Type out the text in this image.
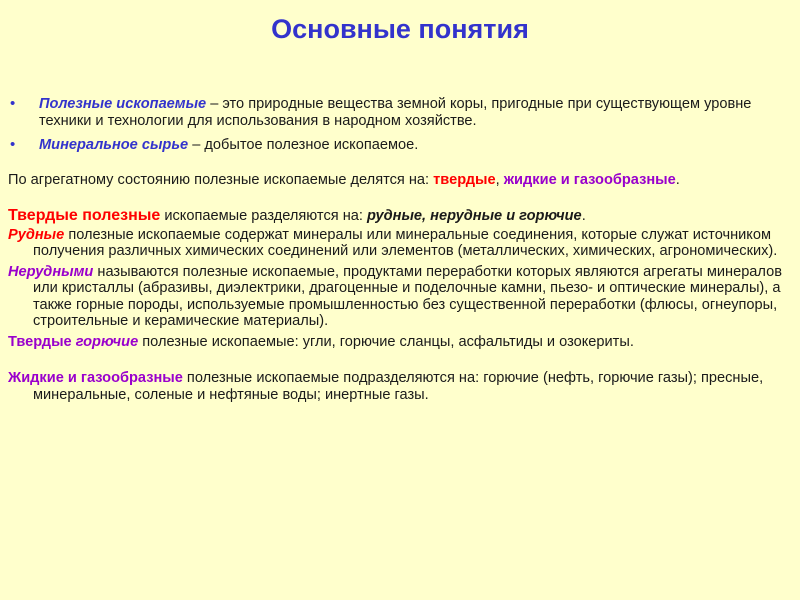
Основные понятия
• Полезные ископаемые – это природные вещества земной коры, пригодные при существующем уровне техники и технологии для использования в народном хозяйстве.
• Минеральное сырье – добытое полезное ископаемое.

По агрегатному состоянию полезные ископаемые делятся на: твердые, жидкие и газообразные.

Твердые полезные ископаемые разделяются на: рудные, нерудные и горючие.

Рудные полезные ископаемые содержат минералы или минеральные соединения, которые служат источником получения различных химических соединений или элементов (металлических, химических, агрономических).

Нерудными называются полезные ископаемые, продуктами переработки которых являются агрегаты минералов или кристаллы (абразивы, диэлектрики, драгоценные и поделочные камни, пьезо- и оптические минералы), а также горные породы, используемые промышленностью без существенной переработки (флюсы, огнеупоры, строительные и керамические материалы).

Твердые горючие полезные ископаемые: угли, горючие сланцы, асфальтиды и озокериты.

Жидкие и газообразные полезные ископаемые подразделяются на: горючие (нефть, горючие газы); пресные, минеральные, соленые и нефтяные воды; инертные газы.
